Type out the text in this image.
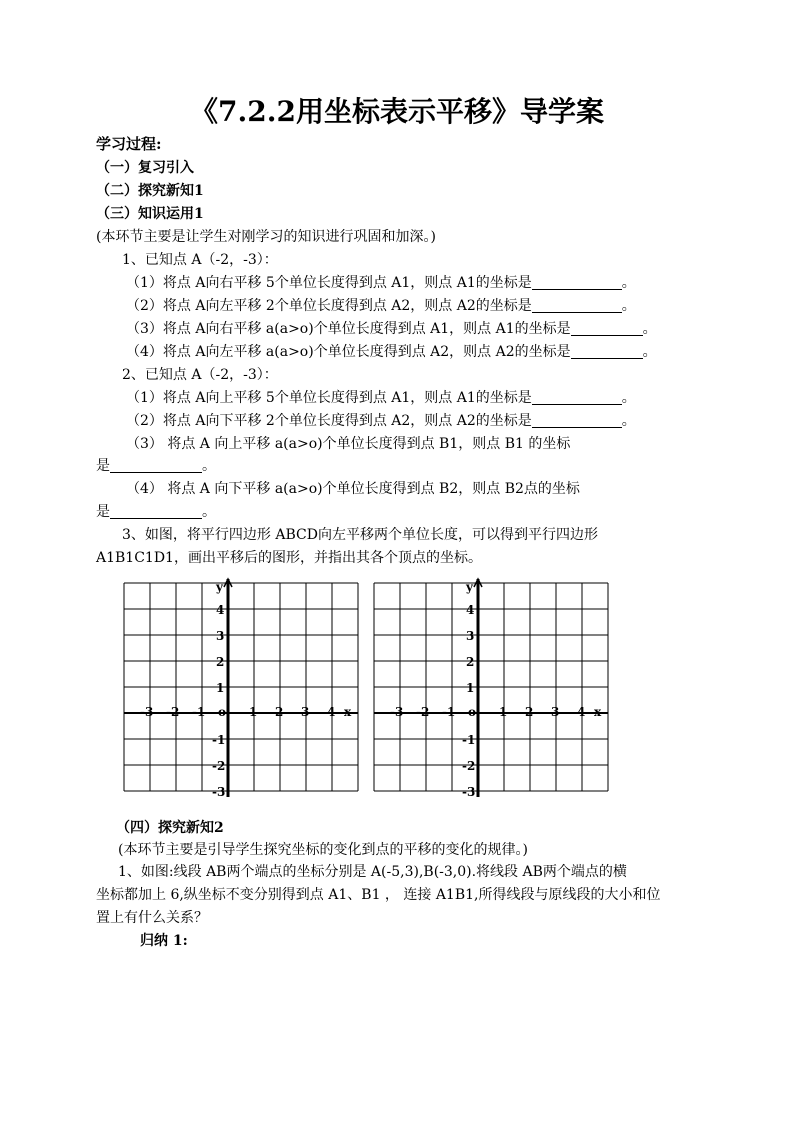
《7.2.2用坐标表示平移》导学案
学习过程:
（一）复习引入
（二）探究新知1
（三）知识运用1
(本环节主要是让学生对刚学习的知识进行巩固和加深。)
1、已知点 A（-2，-3）：
（1）将点 A向右平移 5个单位长度得到点 A1，则点 A1的坐标是	。
（2）将点 A向左平移 2个单位长度得到点 A2，则点 A2的坐标是	。
（3）将点 A向右平移 a(a>o)个单位长度得到点 A1，则点 A1的坐标是	。
（4）将点 A向左平移 a(a>o)个单位长度得到点 A2，则点 A2的坐标是	。
2、已知点 A（-2，-3）：
（1）将点 A向上平移 5个单位长度得到点 A1，则点 A1的坐标是	。
（2）将点 A向下平移 2个单位长度得到点 A2，则点 A2的坐标是	。
（3） 将点 A 向上平移 a(a>o)个单位长度得到点 B1，则点 B1 的坐标
是	。
（4） 将点 A 向下平移 a(a>o)个单位长度得到点 B2，则点 B2点的坐标
是	。
3、如图，将平行四边形 ABCD向左平移两个单位长度，可以得到平行四边形
A1B1C1D1，画出平移后的图形，并指出其各个顶点的坐标。
y
x
-3 -2 -1	1 2 3 4
o
4
3
2
1
-1
-2
-3
y
x
-3 -2 -1	1 2 3 4
o
4
3
2
1
-1
-2
-3
（四）探究新知2
(本环节主要是引导学生探究坐标的变化到点的平移的变化的规律。)
1、如图:线段 AB两个端点的坐标分别是 A(-5,3),B(-3,0).将线段 AB两个端点的横
坐标都加上 6,纵坐标不变分别得到点 A1、B1 ， 连接 A1B1,所得线段与原线段的大小和位
置上有什么关系？
归纳 1:
